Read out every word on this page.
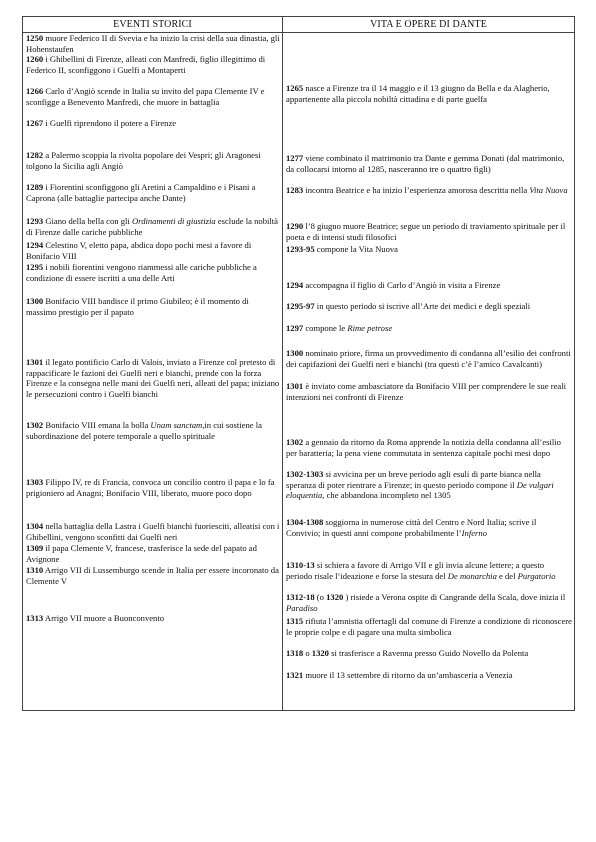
EVENTI STORICI	VITA E OPERE DI DANTE

1250 muore Federico II di Svevia e ha inizio la crisi della sua dinastia, gli Hohenstaufen

1260 i Ghibellini di Firenze, alleati con Manfredi, figlio illegittimo di Federico II, sconfiggono i Guelfi a Montaperti

1266 Carlo d’Angiò scende in Italia su invito del papa Clemente IV e sconfigge a Benevento Manfredi, che muore in battaglia

1267 i Guelfi riprendono il potere a Firenze

1282 a Palermo scoppia la rivolta popolare dei Vespri; gli Aragonesi tolgono la Sicilia agli Angiò

1289 i Fiorentini sconfiggono gli Aretini a Campaldino e i Pisani a Caprona (alle battaglie partecipa anche Dante)

1293 Giano della bella con gli Ordinamenti di giustizia esclude la nobiltà di Firenze dalle cariche pubbliche

1294 Celestino V, eletto papa, abdica dopo pochi mesi a favore di Bonifacio VIII

1295 i nobili fiorentini vengono riammessi alle cariche pubbliche a condizione di essere iscritti a una delle Arti

1300 Bonifacio VIII bandisce il primo Giubileo; è il momento di massimo prestigio per il papato

1301 il legato pontificio Carlo di Valois, inviato a Firenze col pretesto di rappacificare le fazioni dei Guelfi neri e bianchi, prende con la forza Firenze e la consegna nelle mani dei Guelfi neri, alleati del papa; iniziano le persecuzioni contro i Guelfi bianchi

1302 Bonifacio VIII emana la bolla Unam sanctam,in cui sostiene la subordinazione del potere temporale a quello spirituale

1303 Filippo IV, re di Francia, convoca un concilio contro il papa e lo fa prigioniero ad Anagni; Bonifacio VIII, liberato, muore poco dopo

1304 nella battaglia della Lastra i Guelfi bianchi fuoriesciti, alleatisi con i Ghibellini, vengono sconfitti dai Guelfi neri

1309 il papa Clemente V, francese, trasferisce la sede del papato ad Avignone

1310 Arrigo VII di Lussemburgo scende in Italia per essere incoronato da Clemente V

1313 Arrigo VII muore a Buonconvento

1265 nasce a Firenze tra il 14 maggio e il 13 giugno da Bella e da Alagherio, appartenente alla piccola nobiltà cittadina e di parte guelfa

1277 viene combinato il matrimonio tra Dante e gemma Donati (dal matrimonio, da collocarsi intorno al 1285, nasceranno tre o quattro figli)

1283 incontra Beatrice e ha inizio l’esperienza amorosa descritta nella Vita Nuova

1290 l’8 giugno muore Beatrice; segue un periodo di traviamento spirituale per il poeta e di intensi studi filosofici

1293-95 compone la Vita Nuova

1294 accompagna il figlio di Carlo d’Angiò in visita a Firenze

1295-97 in questo periodo si iscrive all’Arte dei medici e degli speziali

1297 compone le Rime petrose

1300 nominato priore, firma un provvedimento di condanna all’esilio dei confronti dei capifazioni dei Guelfi neri e bianchi (tra questi c’è l’amico Cavalcanti)

1301 è inviato come ambasciatore da Bonifacio VIII per comprendere le sue reali intenzioni nei confronti di Firenze

1302 a gennaio da ritorno da Roma apprende la notizia della condanna all’esilio per baratteria; la pena viene commutata in sentenza capitale pochi mesi dopo

1302-1303 si avvicina per un breve periodo agli esuli di parte bianca nella speranza di poter rientrare a Firenze; in questo periodo compone il De vulgari eloquentia, che abbandona incompleto nel 1305

1304-1308 soggiorna in numerose città del Centro e Nord Italia; scrive il Convivio; in questi anni compone probabilmente l’Inferno

1310-13 si schiera a favore di Arrigo VII e gli invia alcune lettere; a questo periodo risale l’ideazione e forse la stesura del De monarchia e del Purgatorio

1312-18 (o 1320 ) risiede a Verona ospite di Cangrande della Scala, dove inizia il Paradiso

1315 rifiuta l’amnistia offertagli dal comune di Firenze a condizione di riconoscere le proprie colpe e di pagare una multa simbolica

1318 o 1320 si trasferisce a Ravenna presso Guido Novello da Polenta

1321 muore il 13 settembre di ritorno da un’ambasceria a Venezia
